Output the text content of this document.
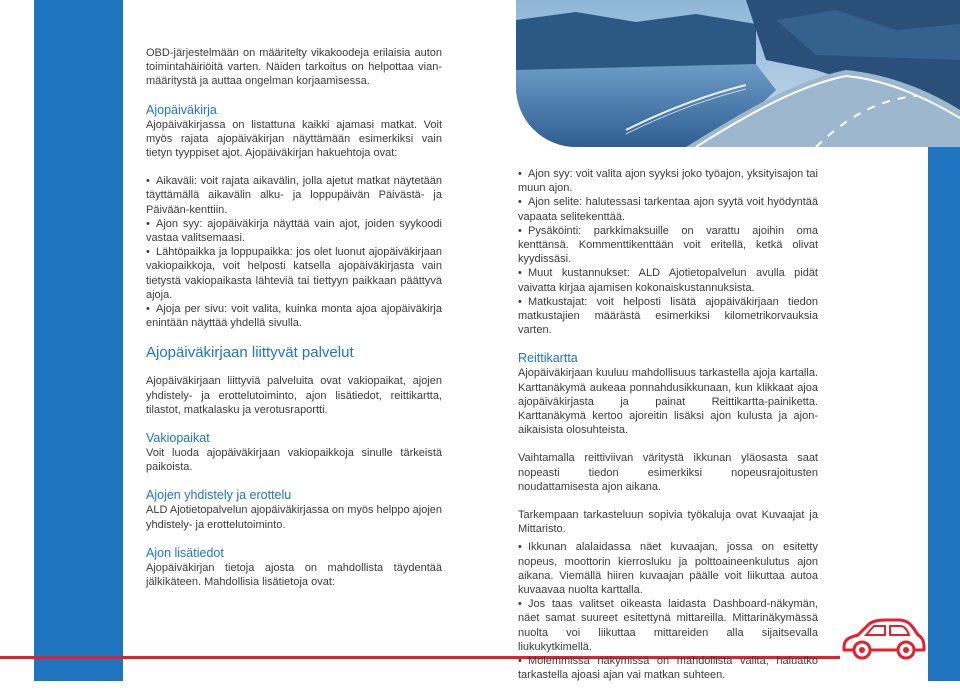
OBD-järjestelmään on määritelty vikakoodeja erilaisia auton toimintahäiriöitä varten. Näiden tarkoitus on helpottaa vian-määritystä ja auttaa ongelman korjaamisessa.

Ajopäiväkirja

Ajopäiväkirjassa on listattuna kaikki ajamasi matkat. Voit myös rajata ajopäiväkirjan näyttämään esimerkiksi vain tietyn tyyppiset ajot. Ajopäiväkirjan hakuehtoja ovat:

• Aikaväli: voit rajata aikavälin, jolla ajetut matkat näytetään täyttämällä aikavälin alku- ja loppupäivän Päivästä- ja Päivään-kenttiin.
• Ajon syy: ajopäiväkirja näyttää vain ajot, joiden syykoodi vastaa valitsemaasi.
• Lähtöpaikka ja loppupaikka: jos olet luonut ajopäiväkirjaan vakiopaikkoja, voit helposti katsella ajopäiväkirjasta vain tietystä vakiopaikasta lähteviä tai tiettyyn paikkaan päättyvä ajoja.
• Ajoja per sivu: voit valita, kuinka monta ajoa ajopäiväkirja enintään näyttää yhdellä sivulla.

Ajopäiväkirjaan liittyvät palvelut

Ajopäiväkirjaan liittyviä palveluita ovat vakiopaikat, ajojen yhdistely- ja erottelutoiminto, ajon lisätiedot, reittikartta, tilastot, matkalasku ja verotusraportti.

Vakiopaikat

Voit luoda ajopäiväkirjaan vakiopaikkoja sinulle tärkeistä paikoista.

Ajojen yhdistely ja erottelu

ALD Ajotietopalvelun ajopäiväkirjassa on myös helppo ajojen yhdistely- ja erottelutoiminto.

Ajon lisätiedot

Ajopäiväkirjan tietoja ajosta on mahdollista täydentää jälkikäteen. Mahdollisia lisätietoja ovat:

• Ajon syy: voit valita ajon syyksi joko työajon, yksityisajon tai muun ajon.
• Ajon selite: halutessasi tarkentaa ajon syytä voit hyödyntää vapaata selitekenttää.
• Pysäköinti: parkkimaksuille on varattu ajoihin oma kenttänsä. Kommenttikenttään voit eritellä, ketkä olivat kyydissäsi.
• Muut kustannukset: ALD Ajotietopalvelun avulla pidät vaivatta kirjaa ajamisen kokonaiskustannuksista.
• Matkustajat: voit helposti lisätä ajopäiväkirjaan tiedon matkustajien määrästä esimerkiksi kilometrikorvauksia varten.

Reittikartta

Ajopäiväkirjaan kuuluu mahdollisuus tarkastella ajoja kartalla. Karttanäkymä aukeaa ponnahdusikkunaan, kun klikkaat ajoa ajopäiväkirjasta ja painat Reittikartta-painiketta. Karttanäkymä kertoo ajoreitin lisäksi ajon kulusta ja ajon-aikaisista olosuhteista.

Vaihtamalla reittiviivan väritystä ikkunan yläosasta saat nopeasti tiedon esimerkiksi nopeusrajoitusten noudattamisesta ajon aikana.

Tarkempaan tarkasteluun sopivia työkaluja ovat Kuvaajat ja Mittaristo.

• Ikkunan alalaidassa näet kuvaajan, jossa on esitetty nopeus, moottorin kierrosluku ja polttoaineenkulutus ajon aikana. Viemällä hiiren kuvaajan päälle voit liikuttaa autoa kuvaavaa nuolta karttalla.
• Jos taas valitset oikeasta laidasta Dashboard-näkymän, näet samat suureet esitettynä mittareilla. Mittarinäkymässä nuolta voi liikuttaa mittareiden alla sijaitsevalla liukukytkimellä.
• Molemmissa näkymissä on mahdollista valita, haluatko tarkastella ajoasi ajan vai matkan suhteen.
